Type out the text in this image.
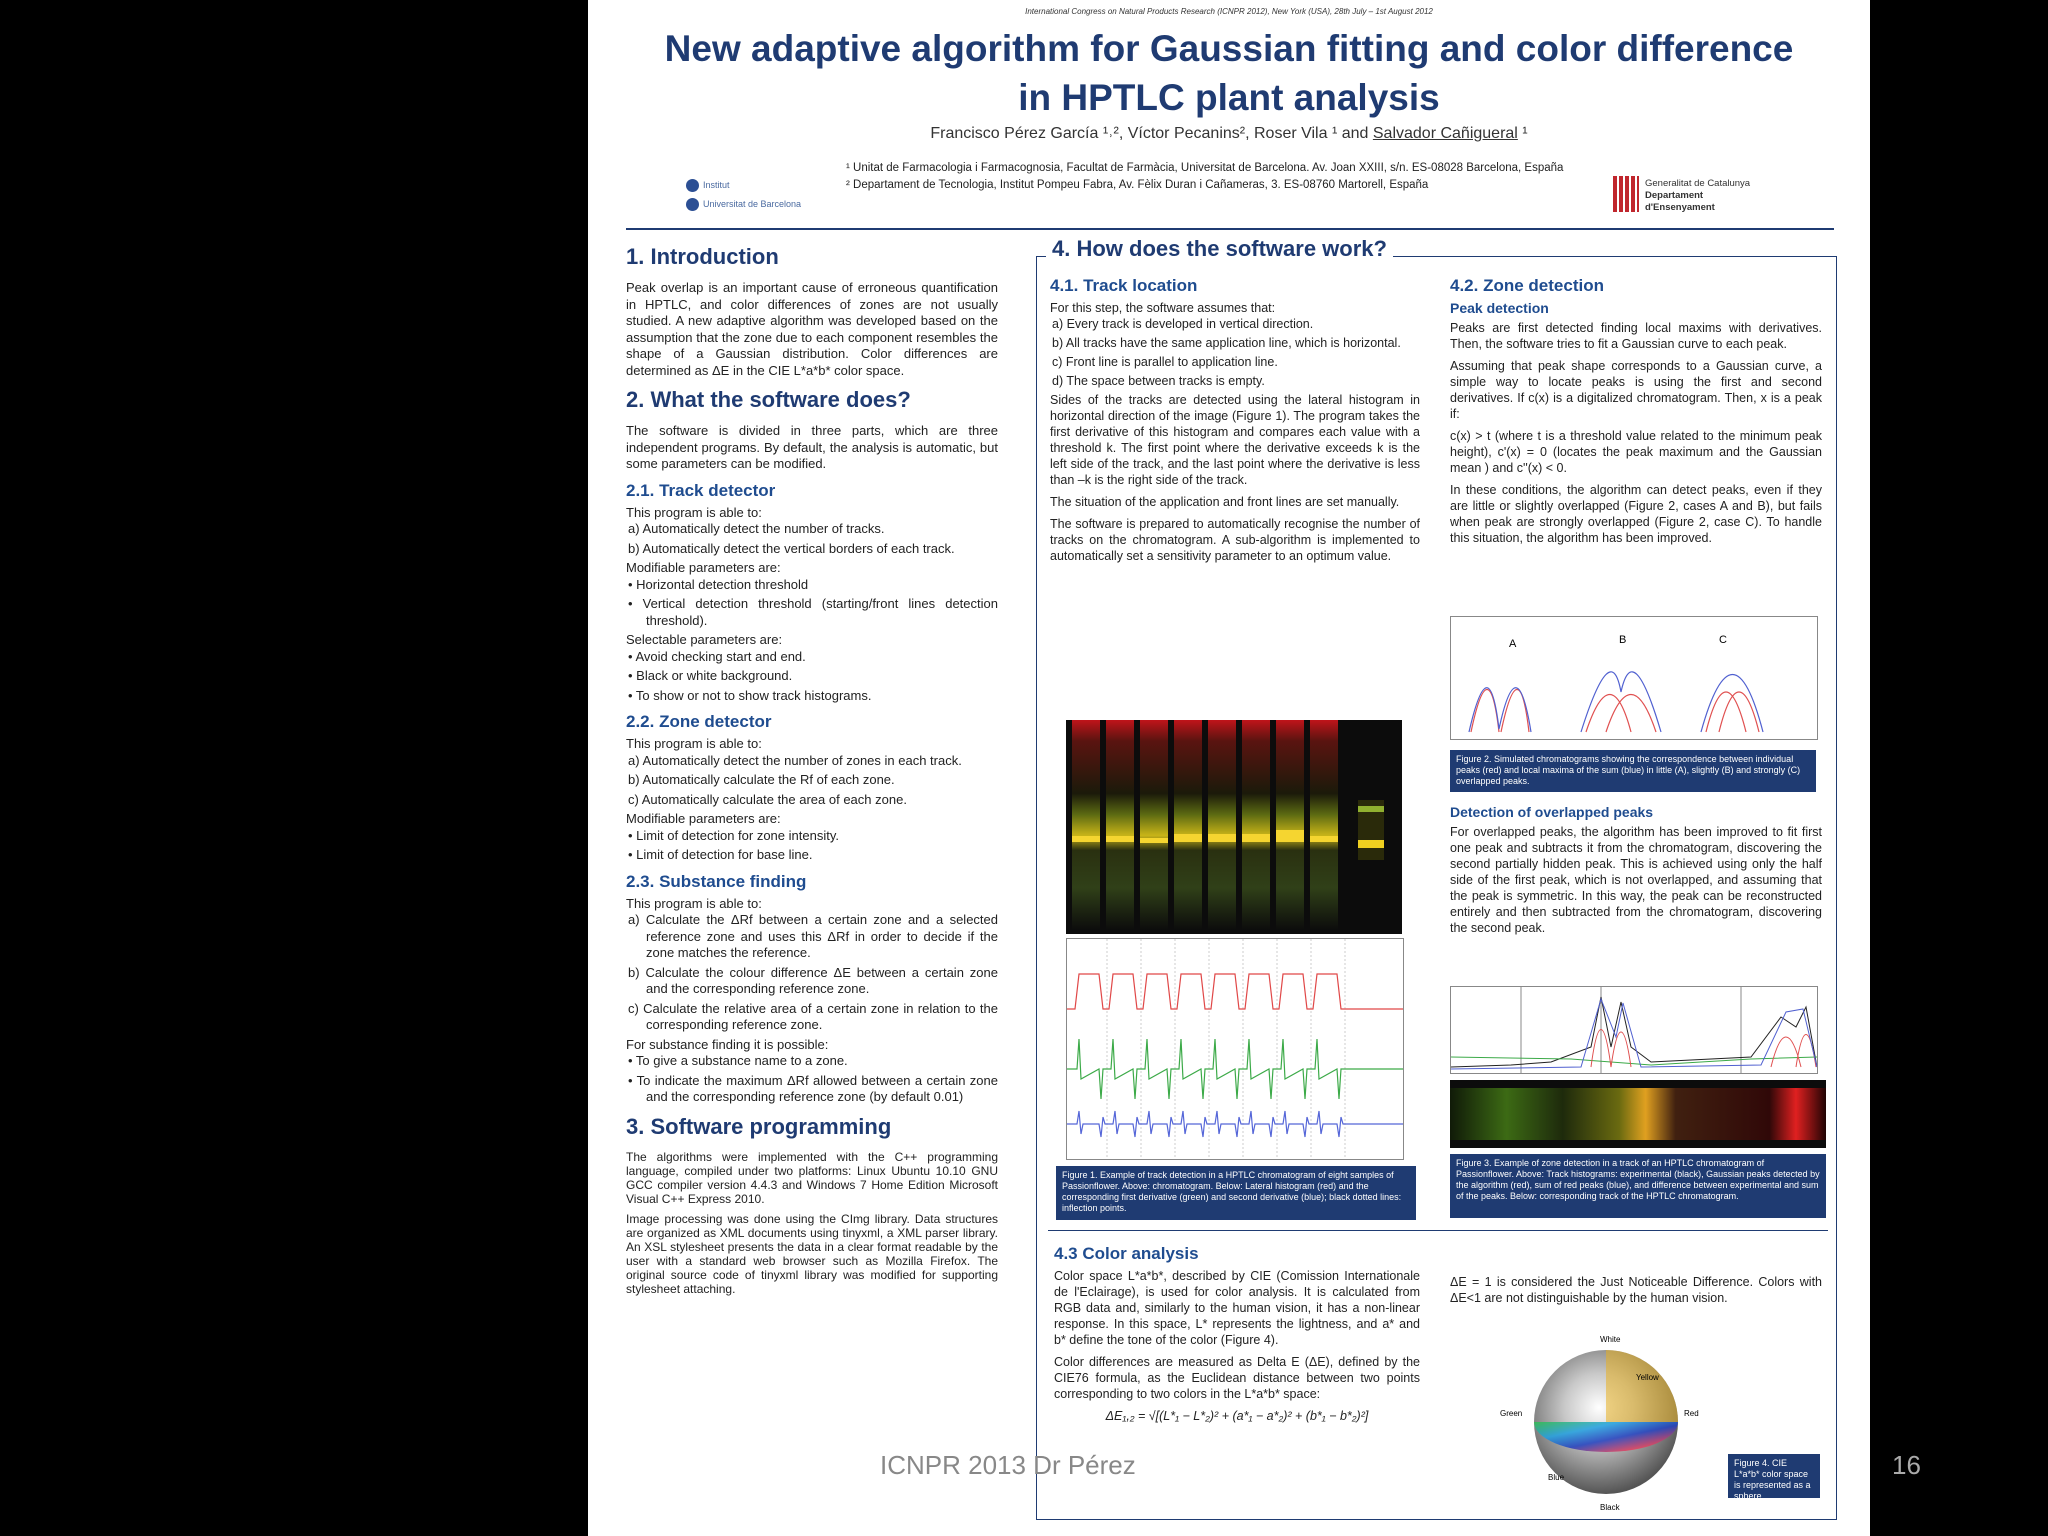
International Congress on Natural Products Research (ICNPR 2012), New York (USA), 28th July – 1st August 2012
New adaptive algorithm for Gaussian fitting and color difference in HPTLC plant analysis
Francisco Pérez García ¹˒², Víctor Pecanins², Roser Vila ¹ and Salvador Cañigueral ¹
Institut
Universitat de Barcelona
¹ Unitat de Farmacologia i Farmacognosia, Facultat de Farmàcia, Universitat de Barcelona. Av. Joan XXIII, s/n. ES-08028 Barcelona, España
² Departament de Tecnologia, Institut Pompeu Fabra, Av. Fèlix Duran i Cañameras, 3. ES-08760 Martorell, España	Generalitat de Catalunya
Departament
d'Ensenyament
1. Introduction
Peak overlap is an important cause of erroneous quantification in HPTLC, and color differences of zones are not usually studied. A new adaptive algorithm was developed based on the assumption that the zone due to each component resembles the shape of a Gaussian distribution. Color differences are determined as ΔE in the CIE L*a*b* color space.
2. What the software does?
The software is divided in three parts, which are three independent programs. By default, the analysis is automatic, but some parameters can be modified.
2.1. Track detector
This program is able to:
a) Automatically detect the number of tracks.
b) Automatically detect the vertical borders of each track.
Modifiable parameters are:
• Horizontal detection threshold
• Vertical detection threshold (starting/front lines detection threshold).
Selectable parameters are:
• Avoid checking start and end.
• Black or white background.
• To show or not to show track histograms.
2.2. Zone detector
This program is able to:
a) Automatically detect the number of zones in each track.
b) Automatically calculate the Rf of each zone.
c) Automatically calculate the area of each zone.
Modifiable parameters are:
• Limit of detection for zone intensity.
• Limit of detection for base line.
2.3. Substance finding
This program is able to:
a) Calculate the ΔRf between a certain zone and a selected reference zone and uses this ΔRf in order to decide if the zone matches the reference.
b) Calculate the colour difference ΔE between a certain zone and the corresponding reference zone.
c) Calculate the relative area of a certain zone in relation to the corresponding reference zone.
For substance finding it is possible:
• To give a substance name to a zone.
• To indicate the maximum ΔRf allowed between a certain zone and the corresponding reference zone (by default 0.01)
3. Software programming
The algorithms were implemented with the C++ programming language, compiled under two platforms: Linux Ubuntu 10.10 GNU GCC compiler version 4.4.3 and Windows 7 Home Edition Microsoft Visual C++ Express 2010.
Image processing was done using the CImg library. Data structures are organized as XML documents using tinyxml, a XML parser library. An XSL stylesheet presents the data in a clear format readable by the user with a standard web browser such as Mozilla Firefox. The original source code of tinyxml library was modified for supporting stylesheet attaching.
4. How does the software work?
4.1. Track location
For this step, the software assumes that:
a) Every track is developed in vertical direction.
b) All tracks have the same application line, which is horizontal.
c) Front line is parallel to application line.
d) The space between tracks is empty.
Sides of the tracks are detected using the lateral histogram in horizontal direction of the image (Figure 1). The program takes the first derivative of this histogram and compares each value with a threshold k. The first point where the derivative exceeds k is the left side of the track, and the last point where the derivative is less than –k is the right side of the track.
The situation of the application and front lines are set manually.
The software is prepared to automatically recognise the number of tracks on the chromatogram. A sub-algorithm is implemented to automatically set a sensitivity parameter to an optimum value.
Figure 1. Example of track detection in a HPTLC chromatogram of eight samples of Passionflower. Above: chromatogram. Below: Lateral histogram (red) and the corresponding first derivative (green) and second derivative (blue); black dotted lines: inflection points.
4.2. Zone detection
Peak detection
Peaks are first detected finding local maxims with derivatives. Then, the software tries to fit a Gaussian curve to each peak.
Assuming that peak shape corresponds to a Gaussian curve, a simple way to locate peaks is using the first and second derivatives. If c(x) is a digitalized chromatogram. Then, x is a peak if:
c(x) > t (where t is a threshold value related to the minimum peak height), c'(x) = 0 (locates the peak maximum and the Gaussian mean ) and c''(x) < 0.
In these conditions, the algorithm can detect peaks, even if they are little or slightly overlapped (Figure 2, cases A and B), but fails when peak are strongly overlapped (Figure 2, case C). To handle this situation, the algorithm has been improved.
A	B	C
Figure 2. Simulated chromatograms showing the correspondence between individual peaks (red) and local maxima of the sum (blue) in little (A), slightly (B) and strongly (C) overlapped peaks.
Detection of overlapped peaks
For overlapped peaks, the algorithm has been improved to fit first one peak and subtracts it from the chromatogram, discovering the second partially hidden peak. This is achieved using only the half side of the first peak, which is not overlapped, and assuming that the peak is symmetric. In this way, the peak can be reconstructed entirely and then subtracted from the chromatogram, discovering the second peak.
Figure 3. Example of zone detection in a track of an HPTLC chromatogram of Passionflower. Above: Track histograms: experimental (black), Gaussian peaks detected by the algorithm (red), sum of red peaks (blue), and difference between experimental and sum of the peaks. Below: corresponding track of the HPTLC chromatogram.
4.3 Color analysis
Color space L*a*b*, described by CIE (Comission Internationale de l'Eclairage), is used for color analysis. It is calculated from RGB data and, similarly to the human vision, it has a non-linear response. In this space, L* represents the lightness, and a* and b* define the tone of the color (Figure 4).
Color differences are measured as Delta E (ΔE), defined by the CIE76 formula, as the Euclidean distance between two points corresponding to two colors in the L*a*b* space:
ΔE₁,₂ = √[(L*₁ − L*₂)² + (a*₁ − a*₂)² + (b*₁ − b*₂)²]
ΔE = 1 is considered the Just Noticeable Difference. Colors with ΔE<1 are not distinguishable by the human vision.
White
Yellow
Green	Red
Blue
Black
Figure 4. CIE L*a*b* color space is represented as a sphere.
ICNPR 2013 Dr Pérez	16
